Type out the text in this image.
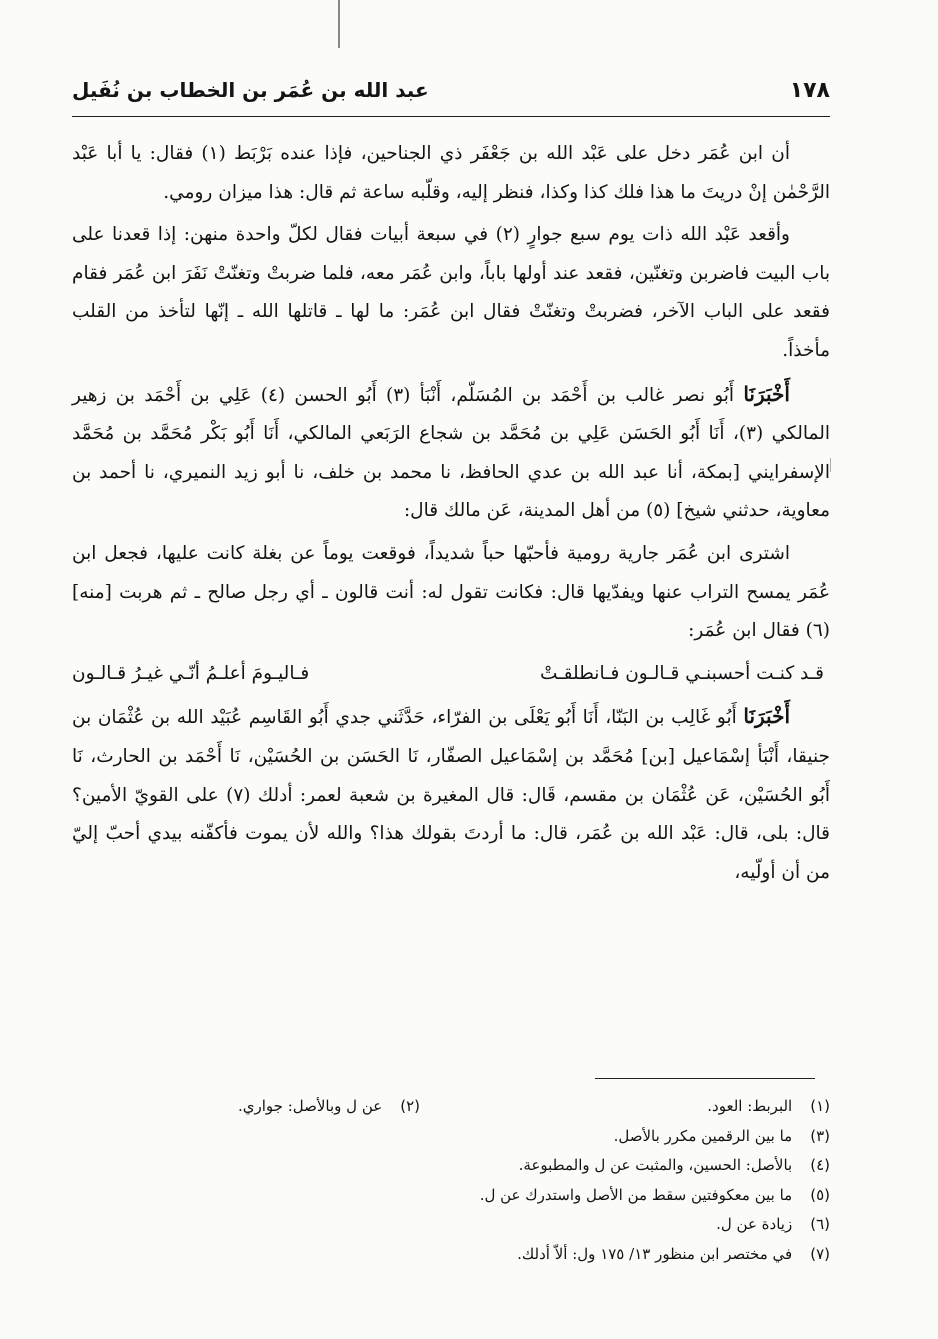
١٧٨
عبد الله بن عُمَر بن الخطاب بن نُفَيل

أن ابن عُمَر دخل على عَبْد الله بن جَعْفَر ذي الجناحين، فإذا عنده بَرْبَط (١) فقال: يا أبا عَبْد الرَّحْمٰن إنْ دريتَ ما هذا فلك كذا وكذا، فنظر إليه، وقلّبه ساعة ثم قال: هذا ميزان رومي.

وأقعد عَبْد الله ذات يوم سبع جوارٍ (٢) في سبعة أبيات فقال لكلّ واحدة منهن: إذا قعدنا على باب البيت فاضربن وتغنّين، فقعد عند أولها باباً، وابن عُمَر معه، فلما ضربتْ وتغنّتْ نَفَرَ ابن عُمَر فقام فقعد على الباب الآخر، فضربتْ وتغنّتْ فقال ابن عُمَر: ما لها ـ قاتلها الله ـ إنّها لتأخذ من القلب مأخذاً.

أَخْبَرَنَا أَبُو نصر غالب بن أَحْمَد بن المُسَلّم، أَنْبَأ (٣) أَبُو الحسن (٤) عَلِي بن أَحْمَد بن زهير المالكي (٣)، أَنَا أَبُو الحَسَن عَلِي بن مُحَمَّد بن شجاع الرَبَعي المالكي، أَنَا أَبُو بَكْر مُحَمَّد بن مُحَمَّد الإسفرايني [بمكة، أنا عبد الله بن عدي الحافظ، نا محمد بن خلف، نا أبو زيد النميري، نا أحمد بن معاوية، حدثني شيخ] (٥) من أهل المدينة، عَن مالك قال:

اشترى ابن عُمَر جارية رومية فأحبّها حباً شديداً، فوقعت يوماً عن بغلة كانت عليها، فجعل ابن عُمَر يمسح التراب عنها ويفدّيها قال: فكانت تقول له: أنت قالون ـ أي رجل صالح ـ ثم هربت [منه] (٦) فقال ابن عُمَر:

قـد كنـت أحسبنـي قـالـون فـانطلقـتْ
فـاليـومَ أعلـمُ أنّـي غيـرُ قـالـون

أَخْبَرَنَا أَبُو غَالِب بن البَنّا، أَنَا أَبُو يَعْلَى بن الفرّاء، حَدَّثَني جدي أَبُو القَاسِم عُبَيْد الله بن عُثْمَان بن جنيقا، أَنْبَأ إسْمَاعيل [بن] مُحَمَّد بن إسْمَاعيل الصفّار، نَا الحَسَن بن الحُسَيْن، نَا أَحْمَد بن الحارث، نَا أَبُو الحُسَيْن، عَن عُثْمَان بن مقسم، قَال: قال المغيرة بن شعبة لعمر: أدلك (٧) على القويّ الأمين؟ قال: بلى، قال: عَبْد الله بن عُمَر، قال: ما أردتَ بقولك هذا؟ والله لأن يموت فأكفّنه بيدي أحبّ إليّ من أن أولّيه،

(١)
البربط: العود.
(٢)
عن ل وبالأصل: جواري.
(٣)
ما بين الرقمين مكرر بالأصل.
(٤)
بالأصل: الحسين، والمثبت عن ل والمطبوعة.
(٥)
ما بين معكوفتين سقط من الأصل واستدرك عن ل.
(٦)
زيادة عن ل.
(٧)
في مختصر ابن منظور ١٣/ ١٧٥ ول: ألاّ أدلك.
